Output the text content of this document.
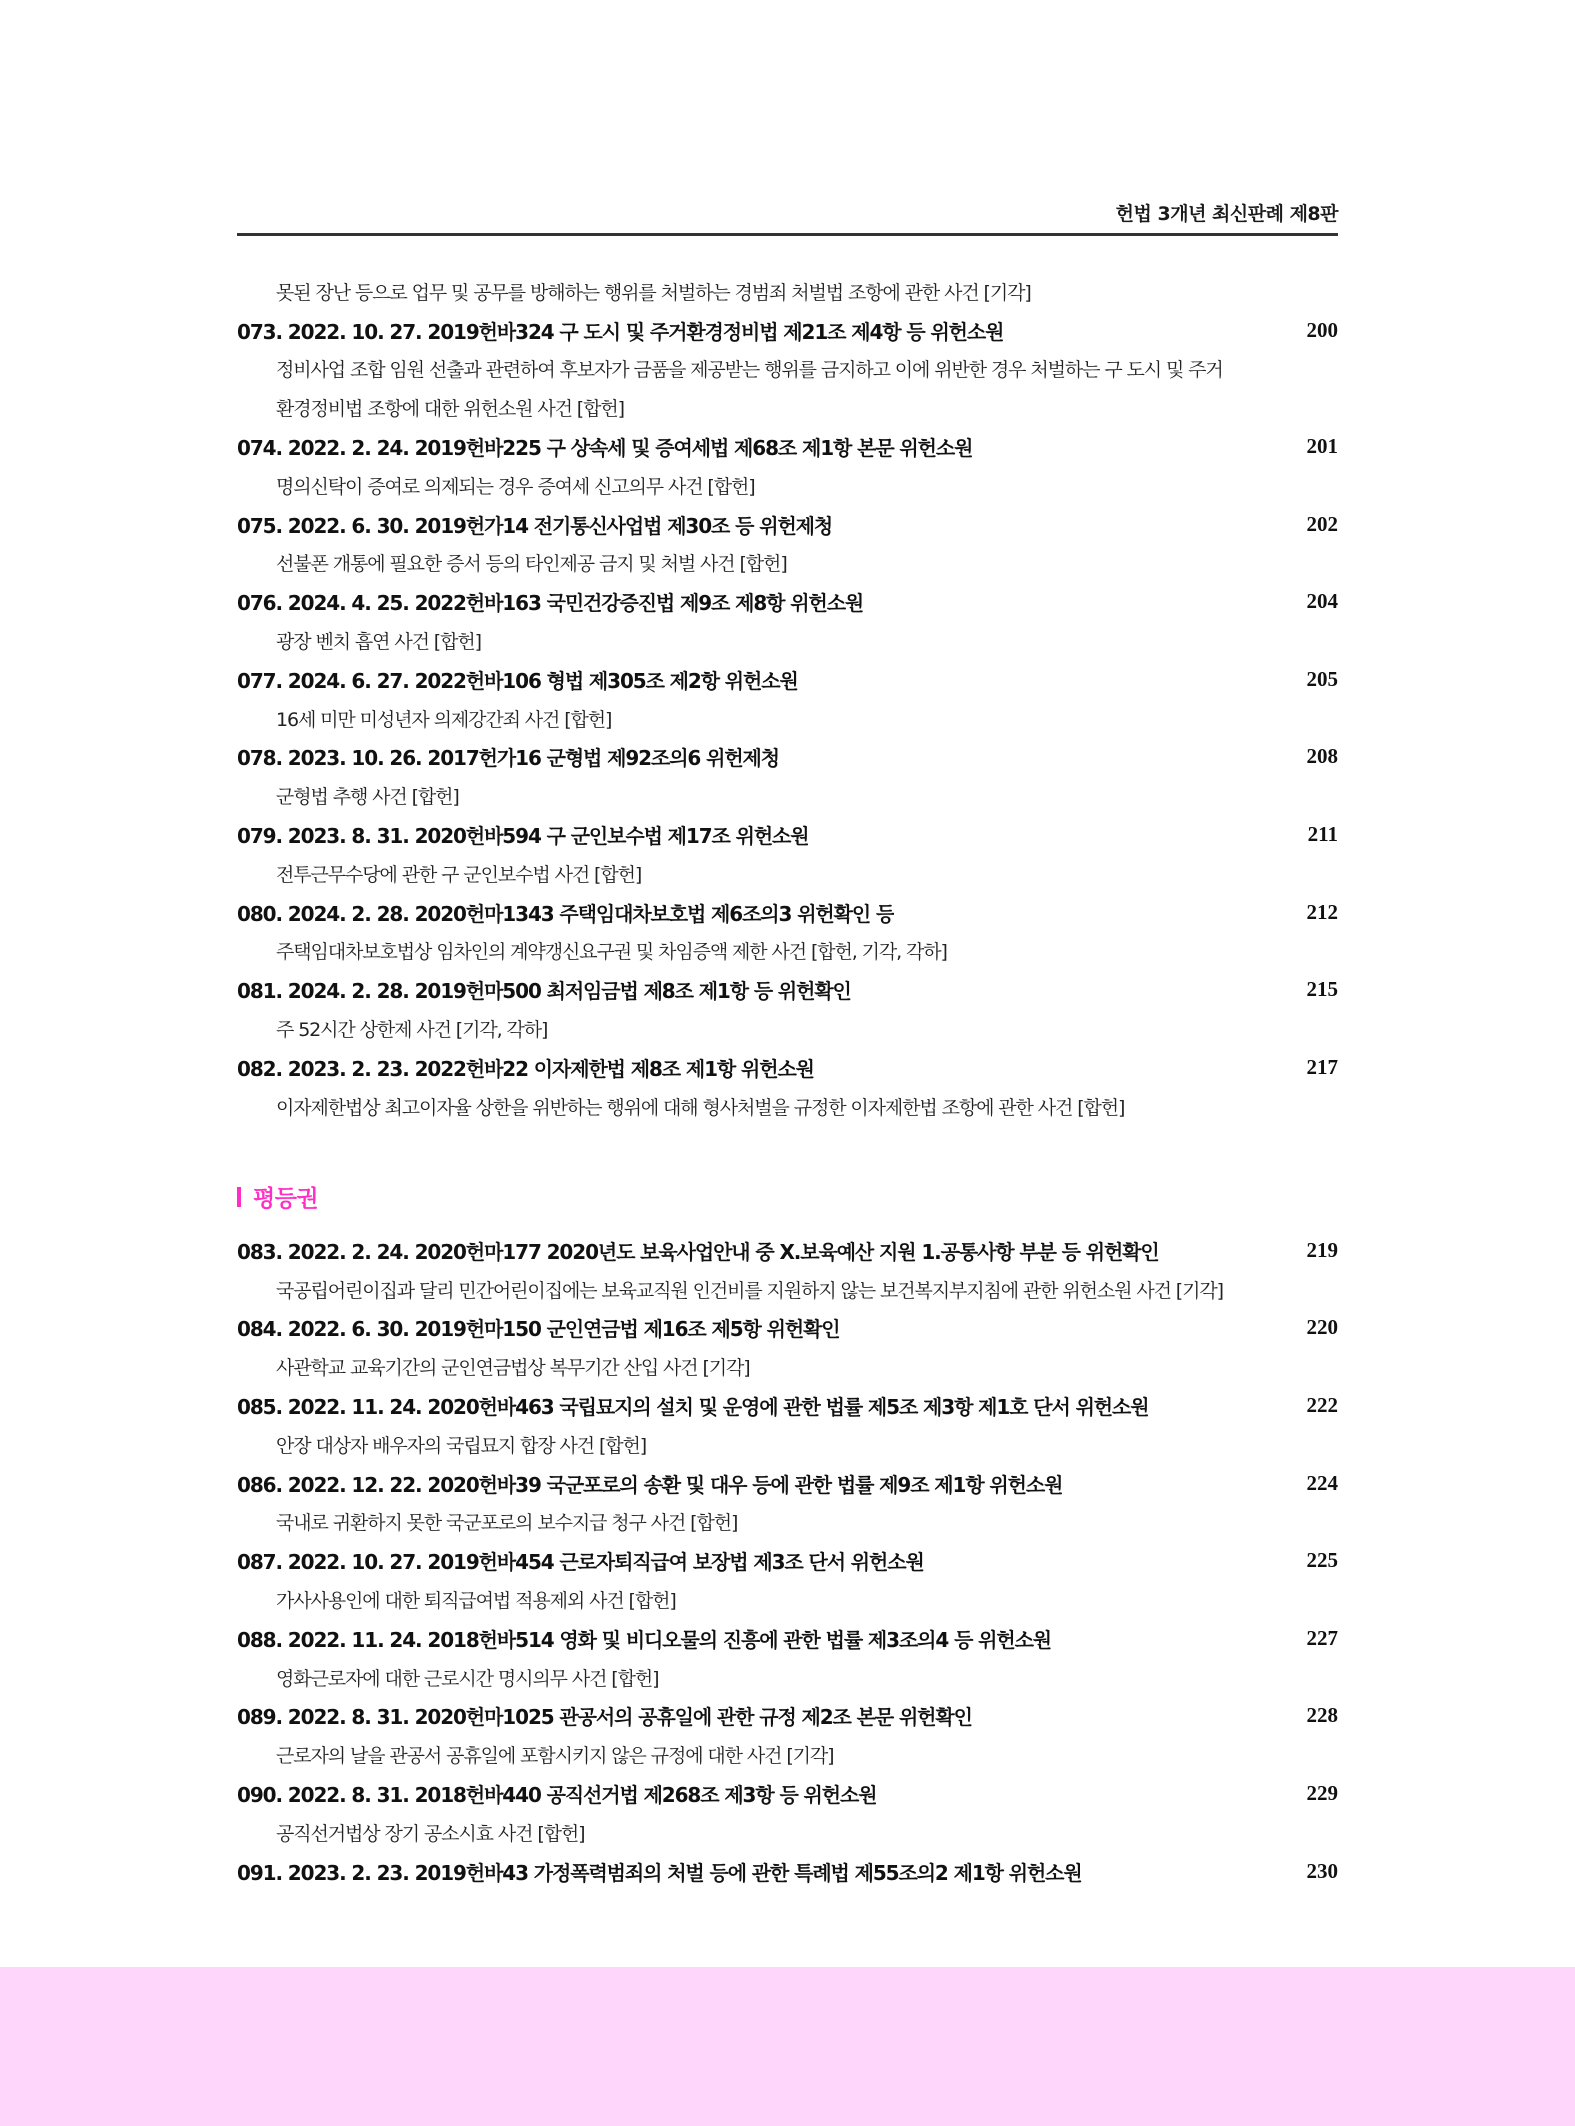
헌법 3개년 최신판례 제8판
못된 장난 등으로 업무 및 공무를 방해하는 행위를 처벌하는 경범죄 처벌법 조항에 관한 사건 [기각]
073. 2022. 10. 27. 2019헌바324 구 도시 및 주거환경정비법 제21조 제4항 등 위헌소원	200
정비사업 조합 임원 선출과 관련하여 후보자가 금품을 제공받는 행위를 금지하고 이에 위반한 경우 처벌하는 구 도시 및 주거
환경정비법 조항에 대한 위헌소원 사건 [합헌]
074. 2022. 2. 24. 2019헌바225 구 상속세 및 증여세법 제68조 제1항 본문 위헌소원	201
명의신탁이 증여로 의제되는 경우 증여세 신고의무 사건 [합헌]
075. 2022. 6. 30. 2019헌가14 전기통신사업법 제30조 등 위헌제청	202
선불폰 개통에 필요한 증서 등의 타인제공 금지 및 처벌 사건 [합헌]
076. 2024. 4. 25. 2022헌바163 국민건강증진법 제9조 제8항 위헌소원	204
광장 벤치 흡연 사건 [합헌]
077. 2024. 6. 27. 2022헌바106 형법 제305조 제2항 위헌소원	205
16세 미만 미성년자 의제강간죄 사건 [합헌]
078. 2023. 10. 26. 2017헌가16 군형법 제92조의6 위헌제청	208
군형법 추행 사건 [합헌]
079. 2023. 8. 31. 2020헌바594 구 군인보수법 제17조 위헌소원	211
전투근무수당에 관한 구 군인보수법 사건 [합헌]
080. 2024. 2. 28. 2020헌마1343 주택임대차보호법 제6조의3 위헌확인 등	212
주택임대차보호법상 임차인의 계약갱신요구권 및 차임증액 제한 사건 [합헌, 기각, 각하]
081. 2024. 2. 28. 2019헌마500 최저임금법 제8조 제1항 등 위헌확인	215
주 52시간 상한제 사건 [기각, 각하]
082. 2023. 2. 23. 2022헌바22 이자제한법 제8조 제1항 위헌소원	217
이자제한법상 최고이자율 상한을 위반하는 행위에 대해 형사처벌을 규정한 이자제한법 조항에 관한 사건 [합헌]
평등권
083. 2022. 2. 24. 2020헌마177 2020년도 보육사업안내 중 Ⅹ.보육예산 지원 1.공통사항 부분 등 위헌확인	219
국공립어린이집과 달리 민간어린이집에는 보육교직원 인건비를 지원하지 않는 보건복지부지침에 관한 위헌소원 사건 [기각]
084. 2022. 6. 30. 2019헌마150 군인연금법 제16조 제5항 위헌확인	220
사관학교 교육기간의 군인연금법상 복무기간 산입 사건 [기각]
085. 2022. 11. 24. 2020헌바463 국립묘지의 설치 및 운영에 관한 법률 제5조 제3항 제1호 단서 위헌소원	222
안장 대상자 배우자의 국립묘지 합장 사건 [합헌]
086. 2022. 12. 22. 2020헌바39 국군포로의 송환 및 대우 등에 관한 법률 제9조 제1항 위헌소원	224
국내로 귀환하지 못한 국군포로의 보수지급 청구 사건 [합헌]
087. 2022. 10. 27. 2019헌바454 근로자퇴직급여 보장법 제3조 단서 위헌소원	225
가사사용인에 대한 퇴직급여법 적용제외 사건 [합헌]
088. 2022. 11. 24. 2018헌바514 영화 및 비디오물의 진흥에 관한 법률 제3조의4 등 위헌소원	227
영화근로자에 대한 근로시간 명시의무 사건 [합헌]
089. 2022. 8. 31. 2020헌마1025 관공서의 공휴일에 관한 규정 제2조 본문 위헌확인	228
근로자의 날을 관공서 공휴일에 포함시키지 않은 규정에 대한 사건 [기각]
090. 2022. 8. 31. 2018헌바440 공직선거법 제268조 제3항 등 위헌소원	229
공직선거법상 장기 공소시효 사건 [합헌]
091. 2023. 2. 23. 2019헌바43 가정폭력범죄의 처벌 등에 관한 특례법 제55조의2 제1항 위헌소원	230
